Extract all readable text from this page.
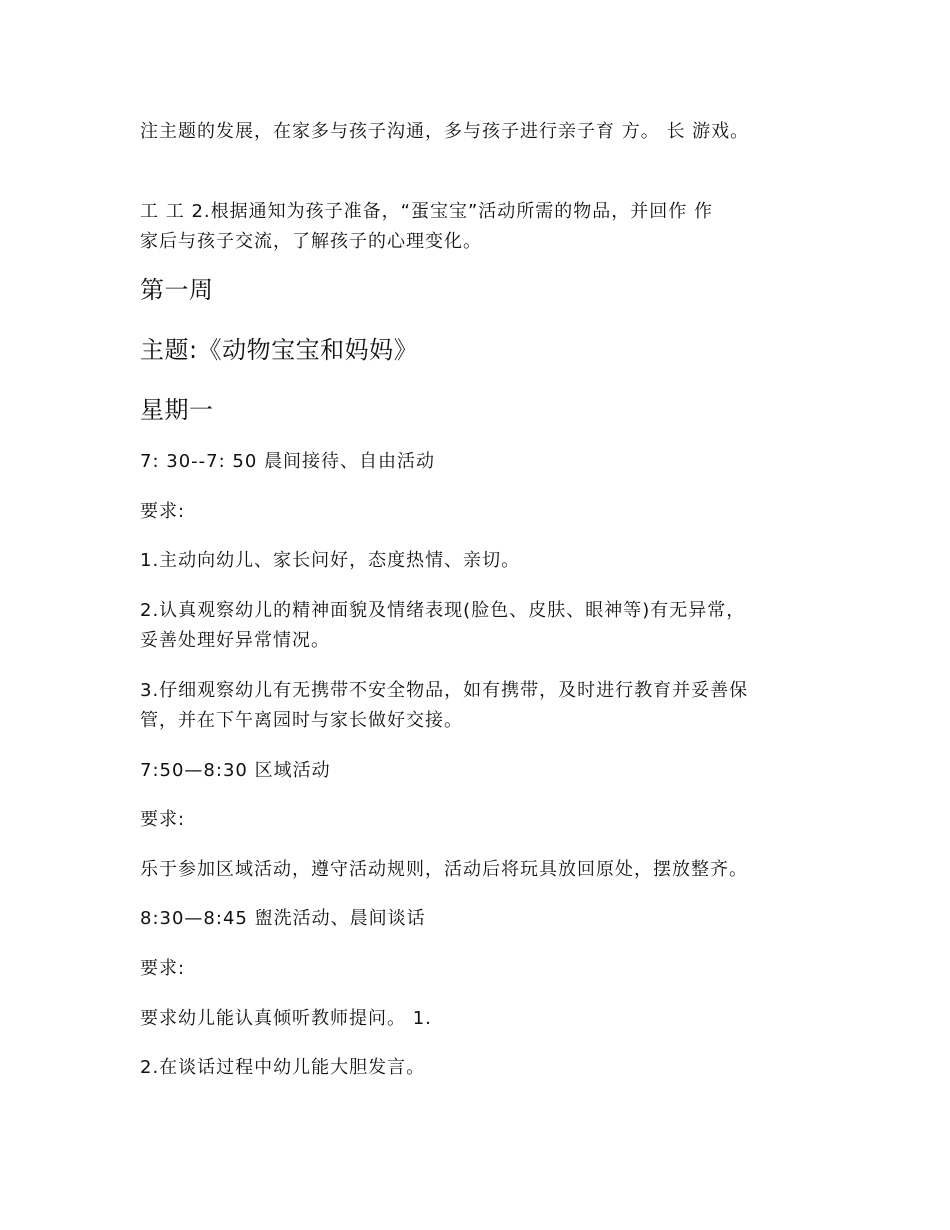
注主题的发展，在家多与孩子沟通，多与孩子进行亲子育 方。 长 游戏。
工 工 2.根据通知为孩子准备，“蛋宝宝”活动所需的物品，并回作 作
家后与孩子交流，了解孩子的心理变化。
第一周
主题:《动物宝宝和妈妈》
星期一
7: 30--7: 50 晨间接待、自由活动
要求:
1.主动向幼儿、家长问好，态度热情、亲切。
2.认真观察幼儿的精神面貌及情绪表现(脸色、皮肤、眼神等)有无异常，
妥善处理好异常情况。
3.仔细观察幼儿有无携带不安全物品，如有携带，及时进行教育并妥善保
管，并在下午离园时与家长做好交接。
7:50—8:30 区域活动
要求:
乐于参加区域活动，遵守活动规则，活动后将玩具放回原处，摆放整齐。
8:30—8:45 盥洗活动、晨间谈话
要求:
要求幼儿能认真倾听教师提问。 1.
2.在谈话过程中幼儿能大胆发言。
